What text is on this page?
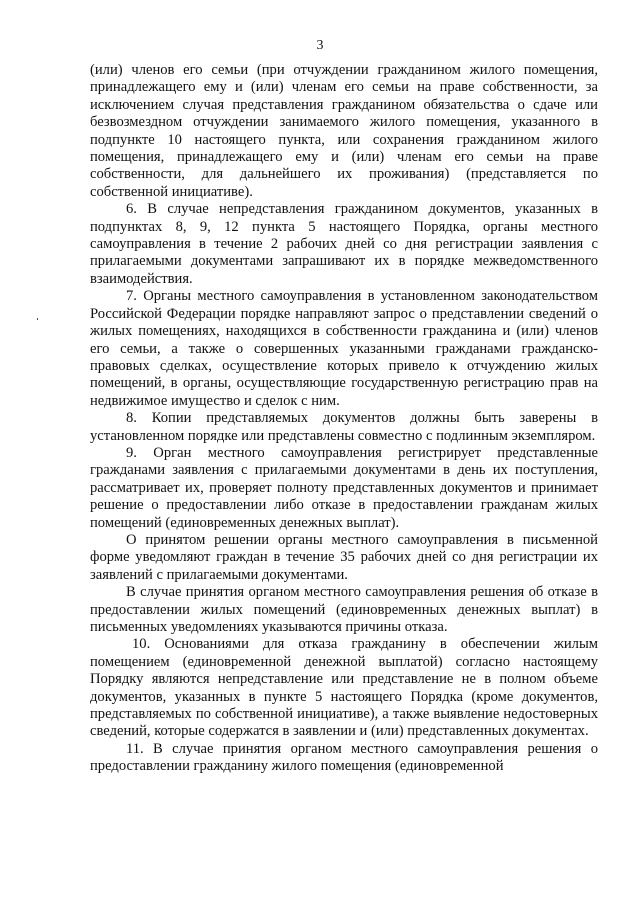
3

(или) членов его семьи (при отчуждении гражданином жилого помещения, принадлежащего ему и (или) членам его семьи на праве собственности, за исключением случая представления гражданином обязательства о сдаче или безвозмездном отчуждении занимаемого жилого помещения, указанного в подпункте 10 настоящего пункта, или сохранения гражданином жилого помещения, принадлежащего ему и (или) членам его семьи на праве собственности, для дальнейшего их проживания) (представляется по собственной инициативе).

6. В случае непредставления гражданином документов, указанных в подпунктах 8, 9, 12 пункта 5 настоящего Порядка, органы местного самоуправления в течение 2 рабочих дней со дня регистрации заявления с прилагаемыми документами запрашивают их в порядке межведомственного взаимодействия.

7. Органы местного самоуправления в установленном законодательством Российской Федерации порядке направляют запрос о представлении сведений о жилых помещениях, находящихся в собственности гражданина и (или) членов его семьи, а также о совершенных указанными гражданами гражданско-правовых сделках, осуществление которых привело к отчуждению жилых помещений, в органы, осуществляющие государственную регистрацию прав на недвижимое имущество и сделок с ним.

8. Копии представляемых документов должны быть заверены в установленном порядке или представлены совместно с подлинным экземпляром.

9. Орган местного самоуправления регистрирует представленные гражданами заявления с прилагаемыми документами в день их поступления, рассматривает их, проверяет полноту представленных документов и принимает решение о предоставлении либо отказе в предоставлении гражданам жилых помещений (единовременных денежных выплат).

О принятом решении органы местного самоуправления в письменной форме уведомляют граждан в течение 35 рабочих дней со дня регистрации их заявлений с прилагаемыми документами.

В случае принятия органом местного самоуправления решения об отказе в предоставлении жилых помещений (единовременных денежных выплат) в письменных уведомлениях указываются причины отказа.

10. Основаниями для отказа гражданину в обеспечении жилым помещением (единовременной денежной выплатой) согласно настоящему Порядку являются непредставление или представление не в полном объеме документов, указанных в пункте 5 настоящего Порядка (кроме документов, представляемых по собственной инициативе), а также выявление недостоверных сведений, которые содержатся в заявлении и (или) представленных документах.

11. В случае принятия органом местного самоуправления решения о предоставлении гражданину жилого помещения (единовременной
